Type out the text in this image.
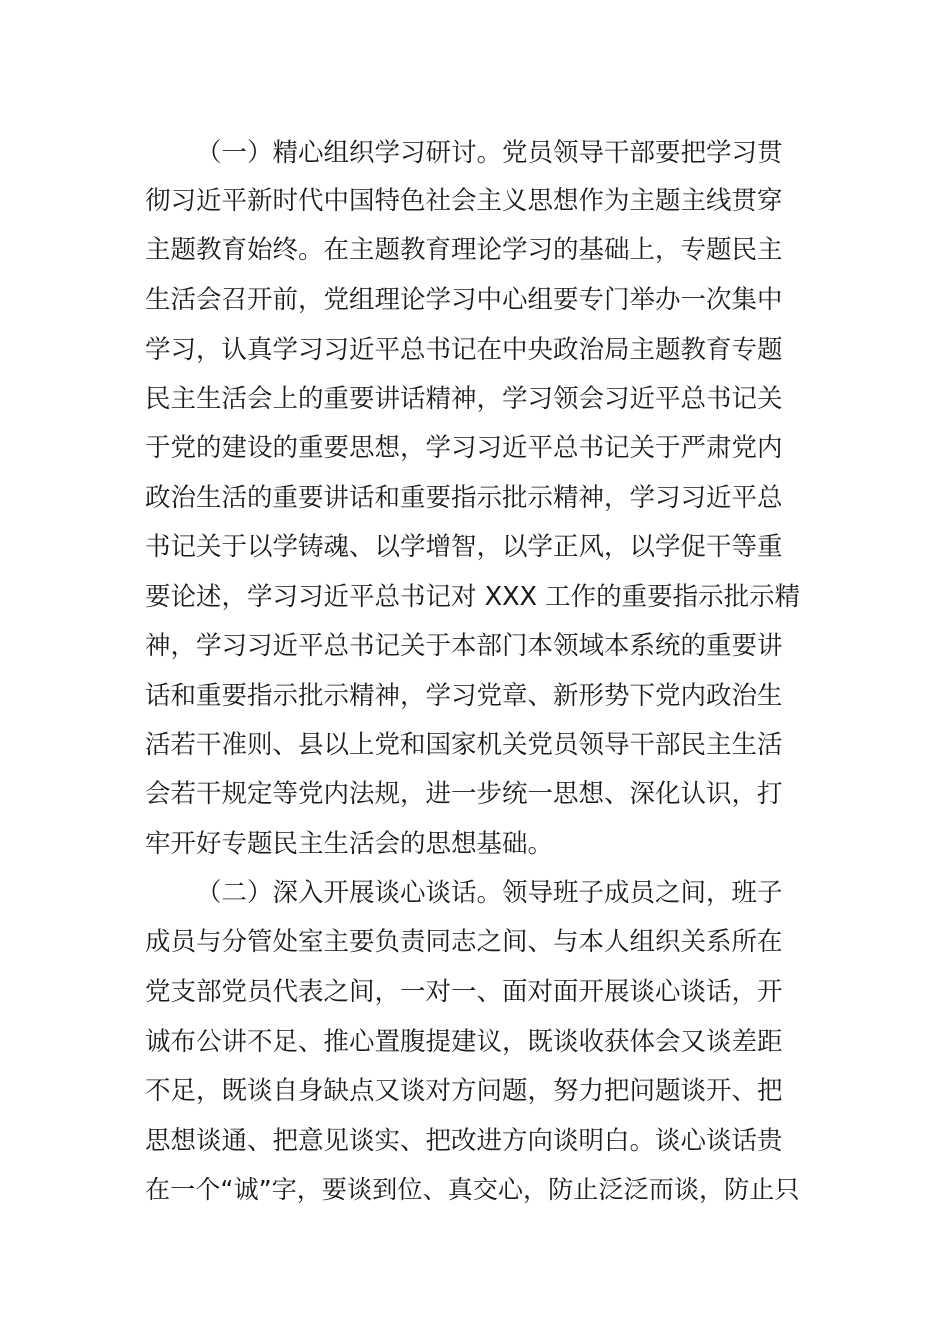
（一）精心组织学习研讨。党员领导干部要把学习贯
彻习近平新时代中国特色社会主义思想作为主题主线贯穿
主题教育始终。在主题教育理论学习的基础上，专题民主
生活会召开前，党组理论学习中心组要专门举办一次集中
学习，认真学习习近平总书记在中央政治局主题教育专题
民主生活会上的重要讲话精神，学习领会习近平总书记关
于党的建设的重要思想，学习习近平总书记关于严肃党内
政治生活的重要讲话和重要指示批示精神，学习习近平总
书记关于以学铸魂、以学增智，以学正风，以学促干等重
要论述，学习习近平总书记对 XXX 工作的重要指示批示精
神，学习习近平总书记关于本部门本领域本系统的重要讲
话和重要指示批示精神，学习党章、新形势下党内政治生
活若干准则、县以上党和国家机关党员领导干部民主生活
会若干规定等党内法规，进一步统一思想、深化认识，打
牢开好专题民主生活会的思想基础。
（二）深入开展谈心谈话。领导班子成员之间，班子
成员与分管处室主要负责同志之间、与本人组织关系所在
党支部党员代表之间，一对一、面对面开展谈心谈话，开
诚布公讲不足、推心置腹提建议，既谈收获体会又谈差距
不足，既谈自身缺点又谈对方问题，努力把问题谈开、把
思想谈通、把意见谈实、把改进方向谈明白。谈心谈话贵
在一个“诚”字，要谈到位、真交心，防止泛泛而谈，防止只
